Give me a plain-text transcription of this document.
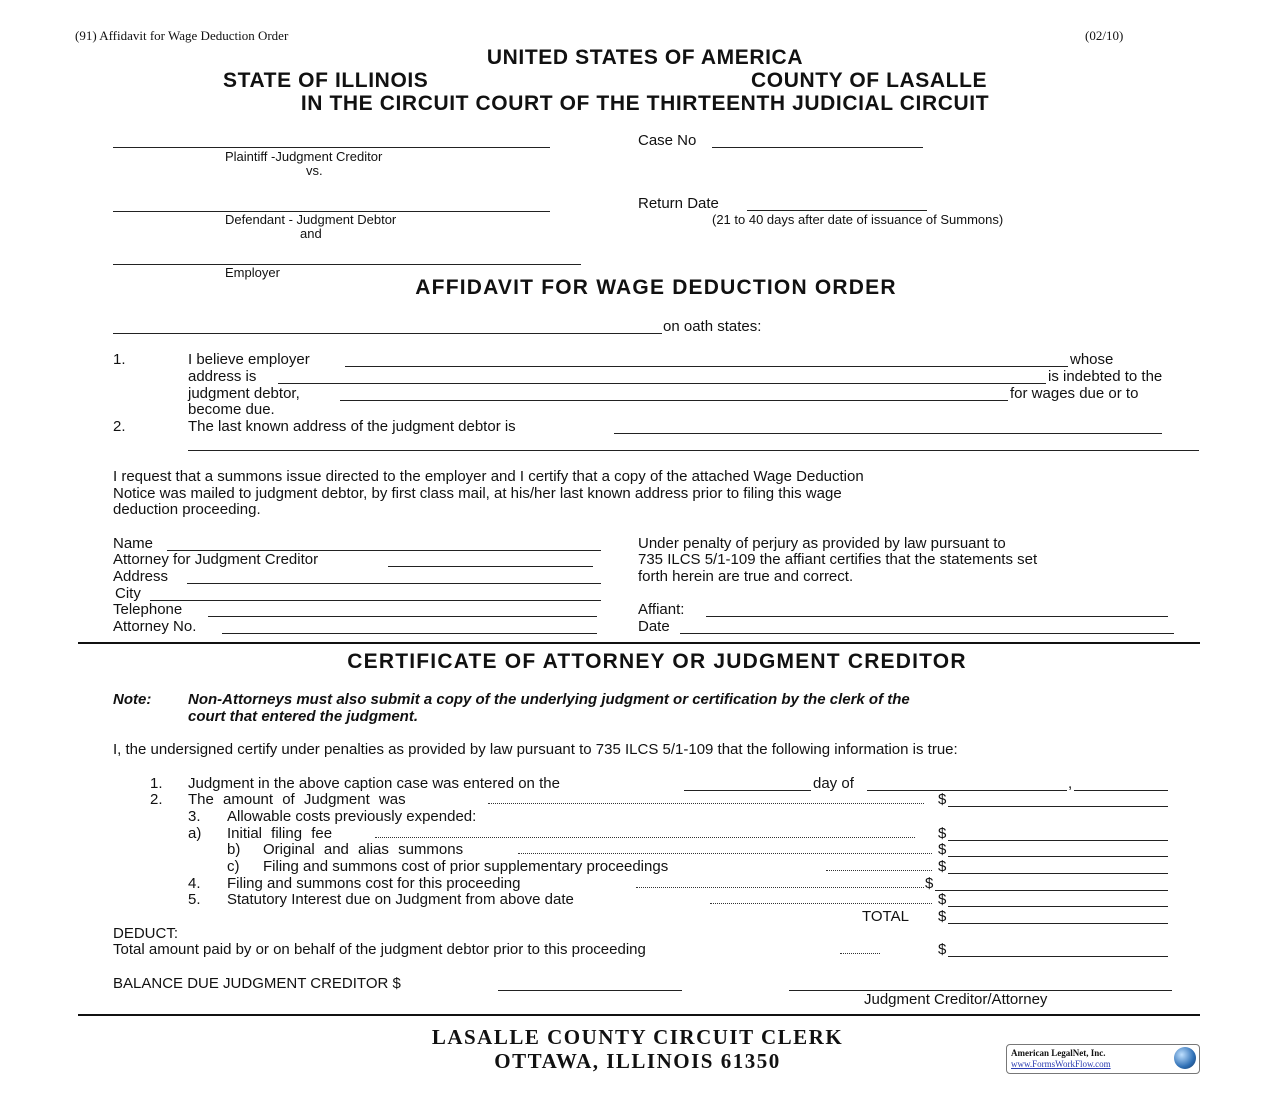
(91) Affidavit for Wage Deduction Order	(02/10)
UNITED STATES OF AMERICA
STATE OF ILLINOIS	COUNTY OF LASALLE
IN THE CIRCUIT COURT OF THE THIRTEENTH JUDICIAL CIRCUIT
Plaintiff -Judgment Creditor
vs.
Defendant - Judgment Debtor
and
Employer
Case No
Return Date
(21 to 40 days after date of issuance of Summons)
AFFIDAVIT FOR WAGE DEDUCTION ORDER
on oath states:
1.	I believe employer	whose
address is	is indebted to the
judgment debtor,	for wages due or to
become due.
2.	The last known address of the judgment debtor is
I request that a summons issue directed to the employer and I certify that a copy of the attached Wage Deduction
Notice was mailed to judgment debtor, by first class mail, at his/her last known address prior to filing this wage
deduction proceeding.
Name
Attorney for Judgment Creditor
Address
City
Telephone
Attorney No.
Under penalty of perjury as provided by law pursuant to
735 ILCS 5/1-109 the affiant certifies that the statements set
forth herein are true and correct.
Affiant:
Date
CERTIFICATE OF ATTORNEY OR JUDGMENT CREDITOR
Note: Non-Attorneys must also submit a copy of the underlying judgment or certification by the clerk of the
court that entered the judgment.
I, the undersigned certify under penalties as provided by law pursuant to 735 ILCS 5/1-109 that the following information is true:
1. Judgment in the above caption case was entered on the	day of	,
2. The amount of Judgment was	$
3. Allowable costs previously expended:
a) Initial filing fee	$
b) Original and alias summons	$
c) Filing and summons cost of prior supplementary proceedings	$
4. Filing and summons cost for this proceeding	$
5. Statutory Interest due on Judgment from above date	$
TOTAL $
DEDUCT:
Total amount paid by or on behalf of the judgment debtor prior to this proceeding	$
BALANCE DUE JUDGMENT CREDITOR $
Judgment Creditor/Attorney
LASALLE COUNTY CIRCUIT CLERK
OTTAWA, ILLINOIS 61350	American LegalNet, Inc.
www.FormsWorkFlow.com
